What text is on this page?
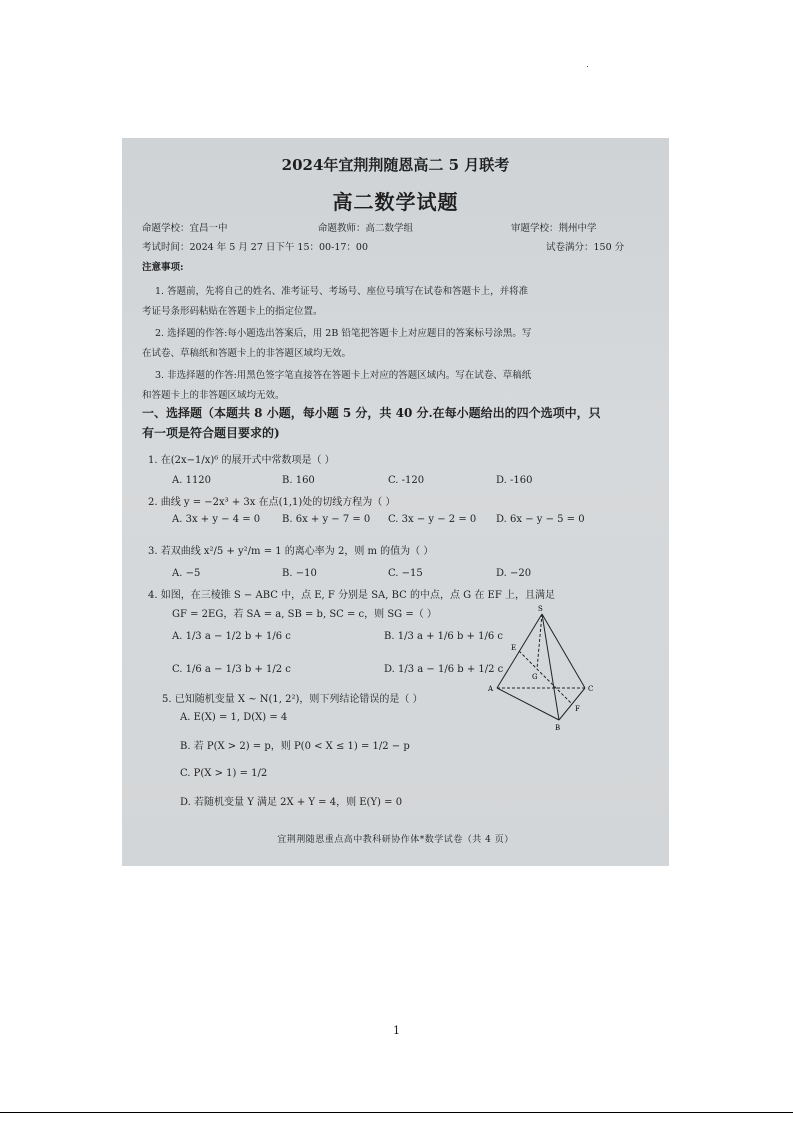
2024年宜荆荆随恩高二 5 月联考
高二数学试题
命题学校：宜昌一中	命题教师：高二数学组	审题学校：荆州中学
考试时间：2024 年 5 月 27 日下午 15：00-17：00	试卷满分：150 分
注意事项:
1. 答题前，先将自己的姓名、准考证号、考场号、座位号填写在试卷和答题卡上，并将准
考证号条形码粘贴在答题卡上的指定位置。
2. 选择题的作答:每小题选出答案后，用 2B 铅笔把答题卡上对应题目的答案标号涂黑。写
在试卷、草稿纸和答题卡上的非答题区域均无效。
3. 非选择题的作答:用黑色签字笔直接答在答题卡上对应的答题区域内。写在试卷、草稿纸
和答题卡上的非答题区域均无效。
一、选择题（本题共 8 小题，每小题 5 分，共 40 分.在每小题给出的四个选项中，只
有一项是符合题目要求的)
1. 在(2x−1/x)⁶ 的展开式中常数项是（ ）
A. 1120	B. 160	C. -120	D. -160
2. 曲线 y = −2x³ + 3x 在点(1,1)处的切线方程为（ ）
A. 3x + y − 4 = 0 B. 6x + y − 7 = 0 C. 3x − y − 2 = 0 D. 6x − y − 5 = 0
3. 若双曲线 x²/5 + y²/m = 1 的离心率为 2，则 m 的值为（ ）
A. −5	B. −10	C. −15	D. −20
4. 如图，在三棱锥 S − ABC 中，点 E, F 分别是 SA, BC 的中点，点 G 在 EF 上，且满足
GF = 2EG，若 SA = a, SB = b, SC = c，则 SG =（ ）
A. 1/3 a − 1/2 b + 1/6 c	B. 1/3 a + 1/6 b + 1/6 c
C. 1/6 a − 1/3 b + 1/2 c	D. 1/3 a − 1/6 b + 1/2 c
5. 已知随机变量 X ~ N(1, 2²)，则下列结论错误的是（ ）
A. E(X) = 1, D(X) = 4
B. 若 P(X > 2) = p，则 P(0 < X ≤ 1) = 1/2 − p
C. P(X > 1) = 1/2
D. 若随机变量 Y 满足 2X + Y = 4，则 E(Y) = 0
S
E
G
A	C
F
B
宜荆荆随恩重点高中教科研协作体*数学试卷（共 4 页）
1
